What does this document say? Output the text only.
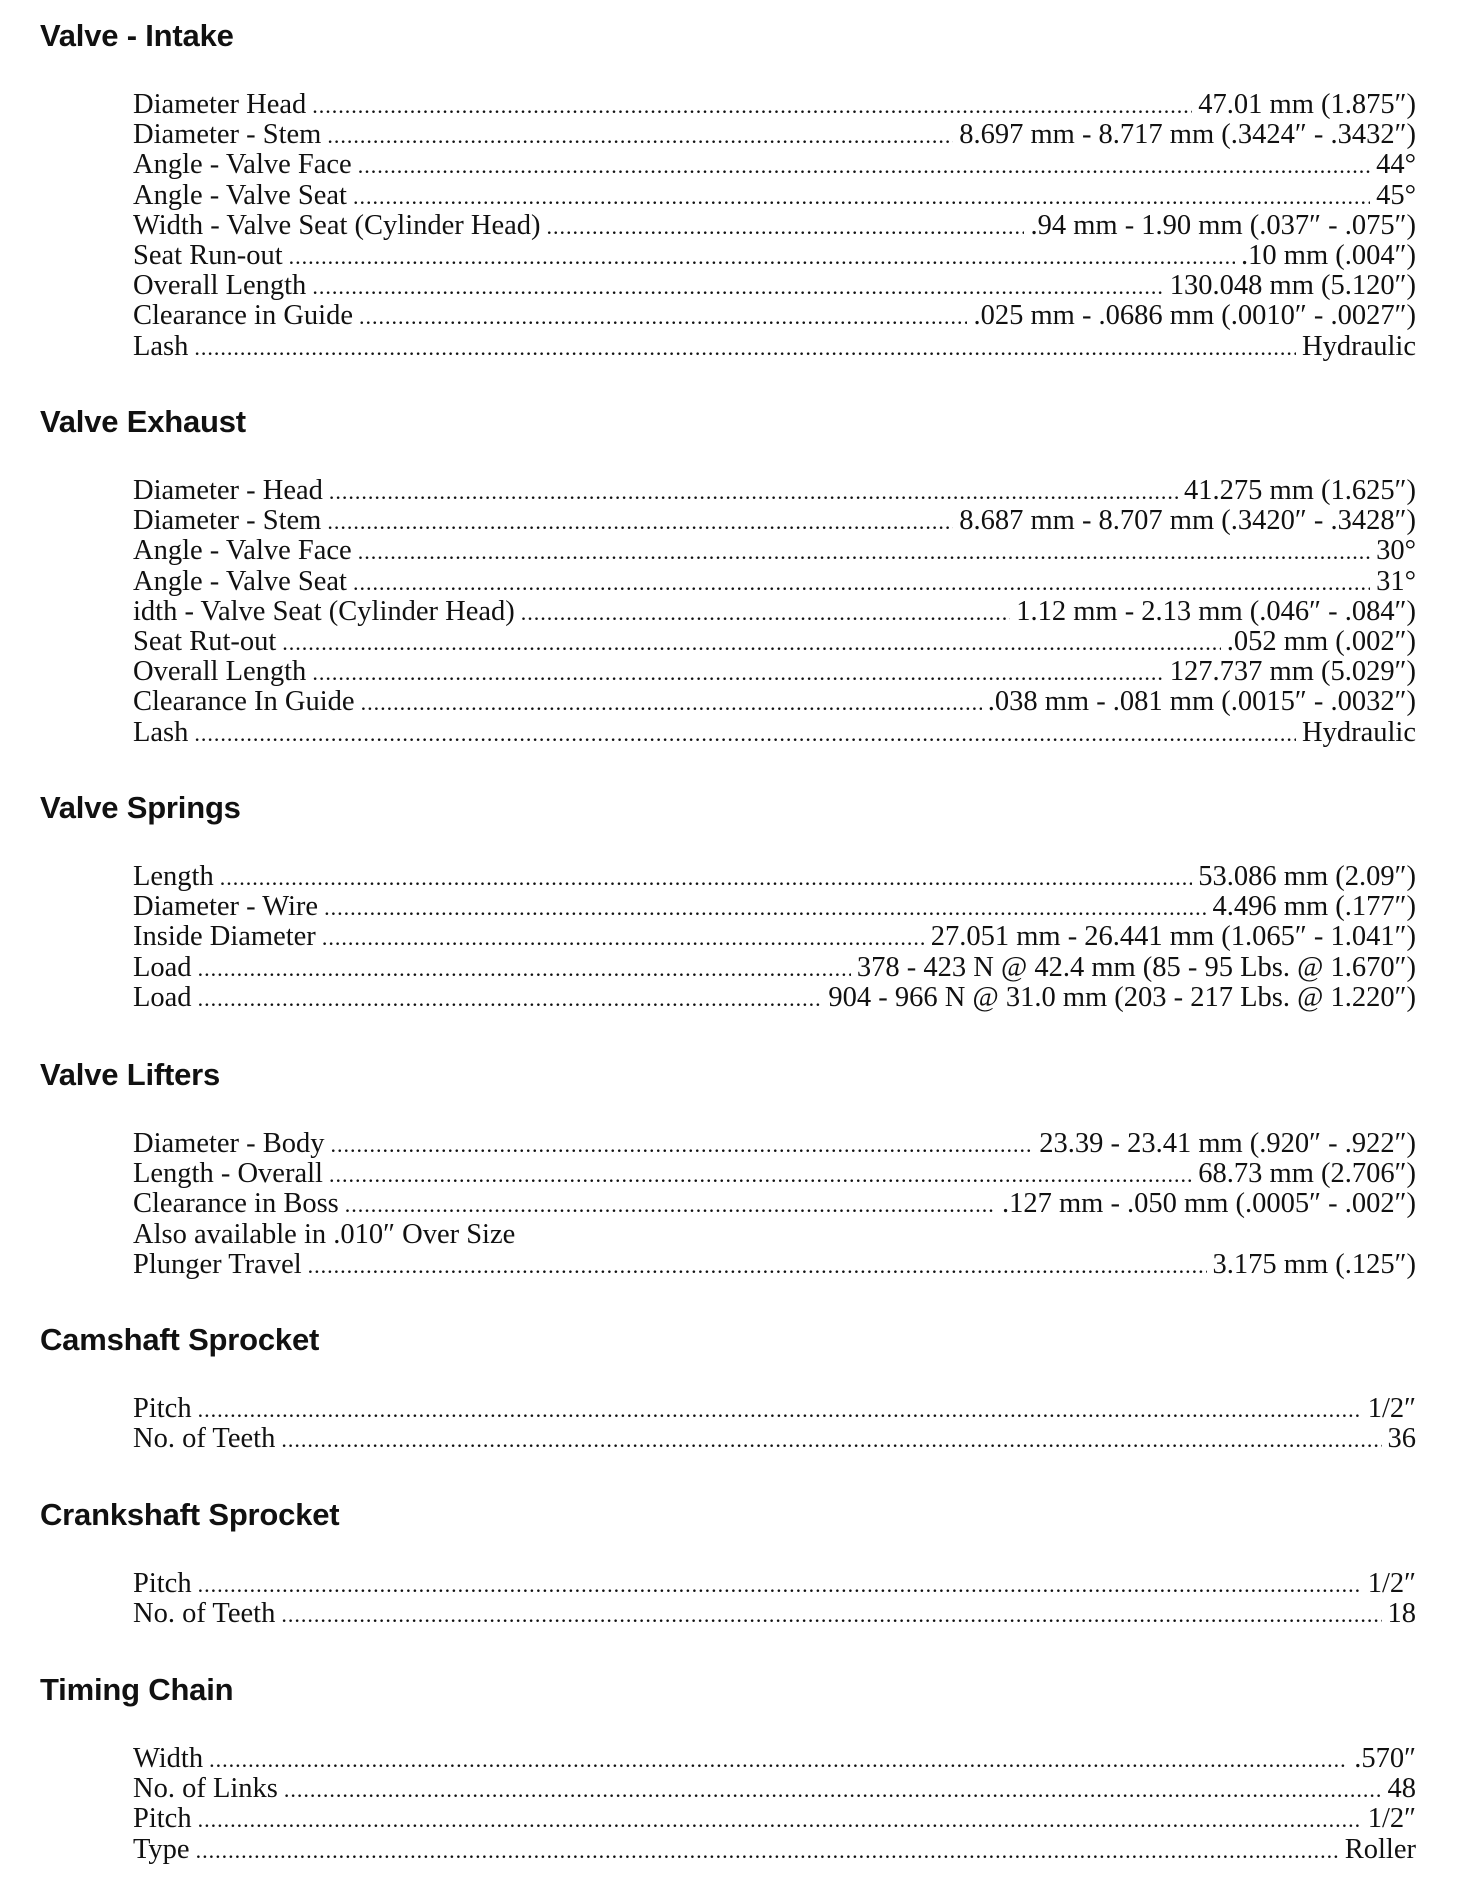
Valve - Intake
Diameter Head .....	47.01 mm (1.875″)
Diameter - Stem .....	8.697 mm - 8.717 mm (.3424″ - .3432″)
Angle - Valve Face .....	44°
Angle - Valve Seat .....	45°
Width - Valve Seat (Cylinder Head) .....	.94 mm - 1.90 mm (.037″ - .075″)
Seat Run-out .....	.10 mm (.004″)
Overall Length .....	130.048 mm (5.120″)
Clearance in Guide .....	.025 mm - .0686 mm (.0010″ - .0027″)
Lash .....	Hydraulic
Valve Exhaust
Diameter - Head .....	41.275 mm (1.625″)
Diameter - Stem .....	8.687 mm - 8.707 mm (.3420″ - .3428″)
Angle - Valve Face .....	30°
Angle - Valve Seat .....	31°
idth - Valve Seat (Cylinder Head) .....	1.12 mm - 2.13 mm (.046″ - .084″)
Seat Rut-out .....	.052 mm (.002″)
Overall Length .....	127.737 mm (5.029″)
Clearance In Guide .....	.038 mm - .081 mm (.0015″ - .0032″)
Lash .....	Hydraulic
Valve Springs
Length .....	53.086 mm (2.09″)
Diameter - Wire .....	4.496 mm (.177″)
Inside Diameter .....	27.051 mm - 26.441 mm (1.065″ - 1.041″)
Load .....	378 - 423 N @ 42.4 mm (85 - 95 Lbs. @ 1.670″)
Load .....	904 - 966 N @ 31.0 mm (203 - 217 Lbs. @ 1.220″)
Valve Lifters
Diameter - Body .....	23.39 - 23.41 mm (.920″ - .922″)
Length - Overall .....	68.73 mm (2.706″)
Clearance in Boss .....	.127 mm - .050 mm (.0005″ - .002″)
Also available in .010″ Over Size
Plunger Travel .....	3.175 mm (.125″)
Camshaft Sprocket
Pitch .....	1/2″
No. of Teeth .....	36
Crankshaft Sprocket
Pitch .....	1/2″
No. of Teeth .....	18
Timing Chain
Width .....	.570″
No. of Links .....	48
Pitch .....	1/2″
Type .....	Roller
